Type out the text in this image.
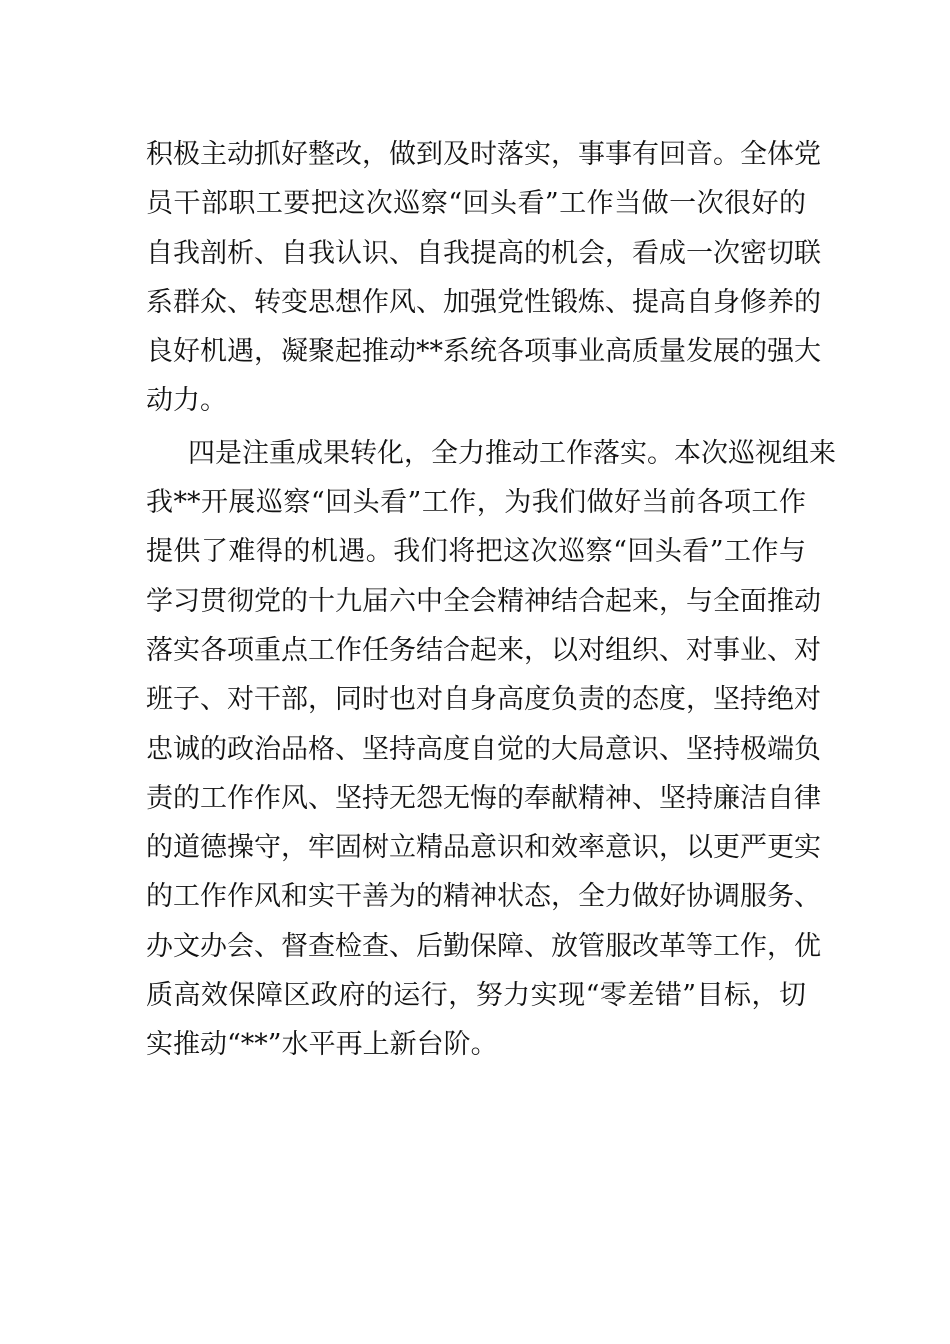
积极主动抓好整改，做到及时落实，事事有回音。全体党
员干部职工要把这次巡察“回头看”工作当做一次很好的
自我剖析、自我认识、自我提高的机会，看成一次密切联
系群众、转变思想作风、加强党性锻炼、提高自身修养的
良好机遇，凝聚起推动**系统各项事业高质量发展的强大
动力。
四是注重成果转化，全力推动工作落实。本次巡视组来
我**开展巡察“回头看”工作，为我们做好当前各项工作
提供了难得的机遇。我们将把这次巡察“回头看”工作与
学习贯彻党的十九届六中全会精神结合起来，与全面推动
落实各项重点工作任务结合起来，以对组织、对事业、对
班子、对干部，同时也对自身高度负责的态度，坚持绝对
忠诚的政治品格、坚持高度自觉的大局意识、坚持极端负
责的工作作风、坚持无怨无悔的奉献精神、坚持廉洁自律
的道德操守，牢固树立精品意识和效率意识，以更严更实
的工作作风和实干善为的精神状态，全力做好协调服务、
办文办会、督查检查、后勤保障、放管服改革等工作，优
质高效保障区政府的运行，努力实现“零差错”目标，切
实推动“**”水平再上新台阶。
